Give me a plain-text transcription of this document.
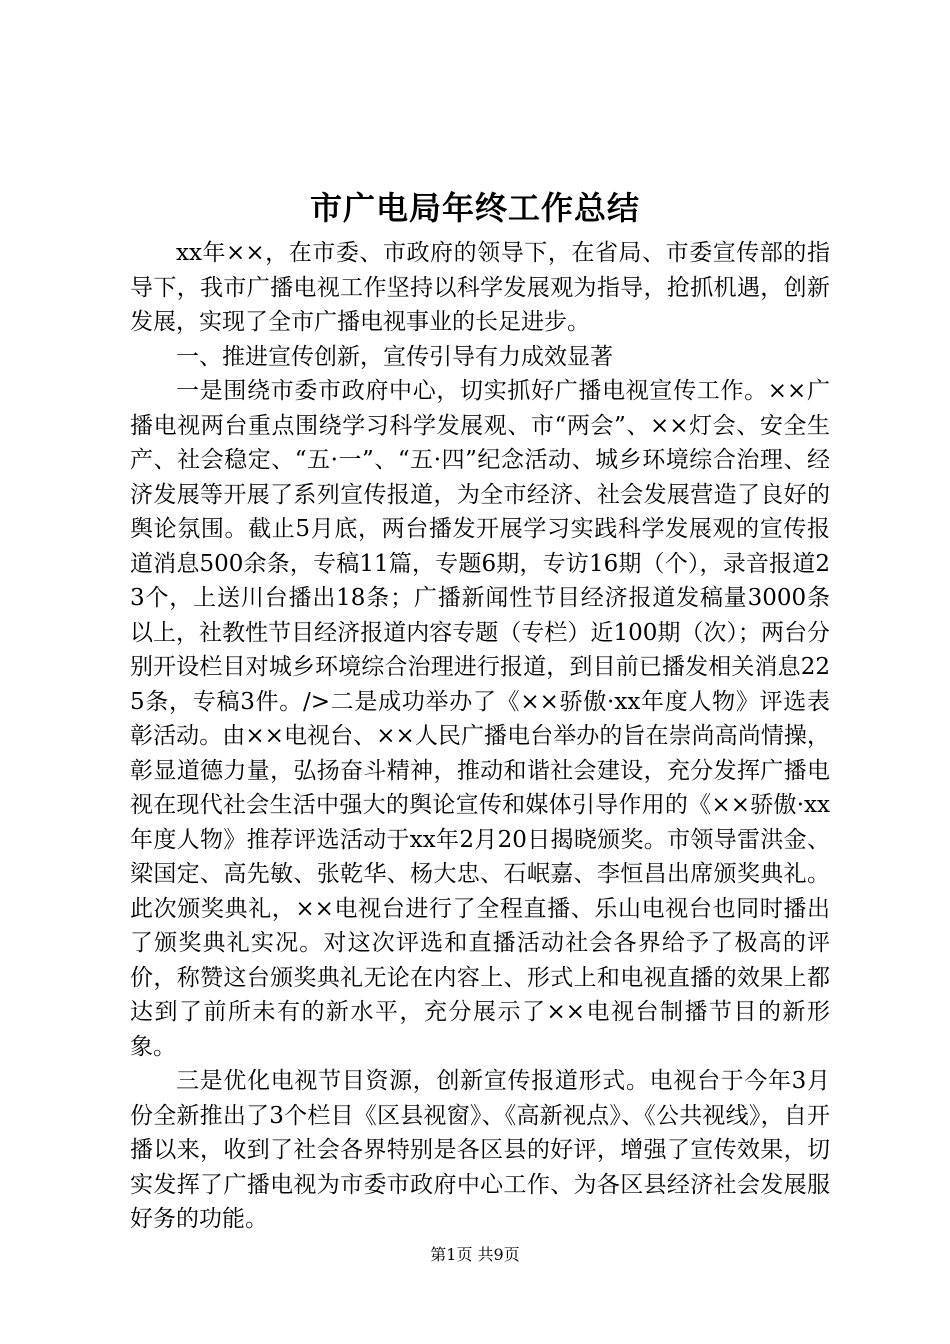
市广电局年终工作总结

xx年××，在市委、市政府的领导下，在省局、市委宣传部的指导下，我市广播电视工作坚持以科学发展观为指导，抢抓机遇，创新发展，实现了全市广播电视事业的长足进步。

一、推进宣传创新，宣传引导有力成效显著

一是围绕市委市政府中心，切实抓好广播电视宣传工作。××广播电视两台重点围绕学习科学发展观、市“两会”、××灯会、安全生产、社会稳定、“五·一”、“五·四”纪念活动、城乡环境综合治理、经济发展等开展了系列宣传报道，为全市经济、社会发展营造了良好的舆论氛围。截止5月底，两台播发开展学习实践科学发展观的宣传报道消息500余条，专稿11篇，专题6期，专访16期（个），录音报道23个，上送川台播出18条；广播新闻性节目经济报道发稿量3000条以上，社教性节目经济报道内容专题（专栏）近100期（次）；两台分别开设栏目对城乡环境综合治理进行报道，到目前已播发相关消息225条，专稿3件。/>二是成功举办了《××骄傲·xx年度人物》评选表彰活动。由××电视台、××人民广播电台举办的旨在崇尚高尚情操，彰显道德力量，弘扬奋斗精神，推动和谐社会建设，充分发挥广播电视在现代社会生活中强大的舆论宣传和媒体引导作用的《××骄傲·xx年度人物》推荐评选活动于xx年2月20日揭晓颁奖。市领导雷洪金、梁国定、高先敏、张乾华、杨大忠、石岷嘉、李恒昌出席颁奖典礼。此次颁奖典礼，××电视台进行了全程直播、乐山电视台也同时播出了颁奖典礼实况。对这次评选和直播活动社会各界给予了极高的评价，称赞这台颁奖典礼无论在内容上、形式上和电视直播的效果上都达到了前所未有的新水平，充分展示了××电视台制播节目的新形象。

三是优化电视节目资源，创新宣传报道形式。电视台于今年3月份全新推出了3个栏目《区县视窗》、《高新视点》、《公共视线》，自开播以来，收到了社会各界特别是各区县的好评，增强了宣传效果，切实发挥了广播电视为市委市政府中心工作、为各区县经济社会发展服好务的功能。

第1页 共9页
